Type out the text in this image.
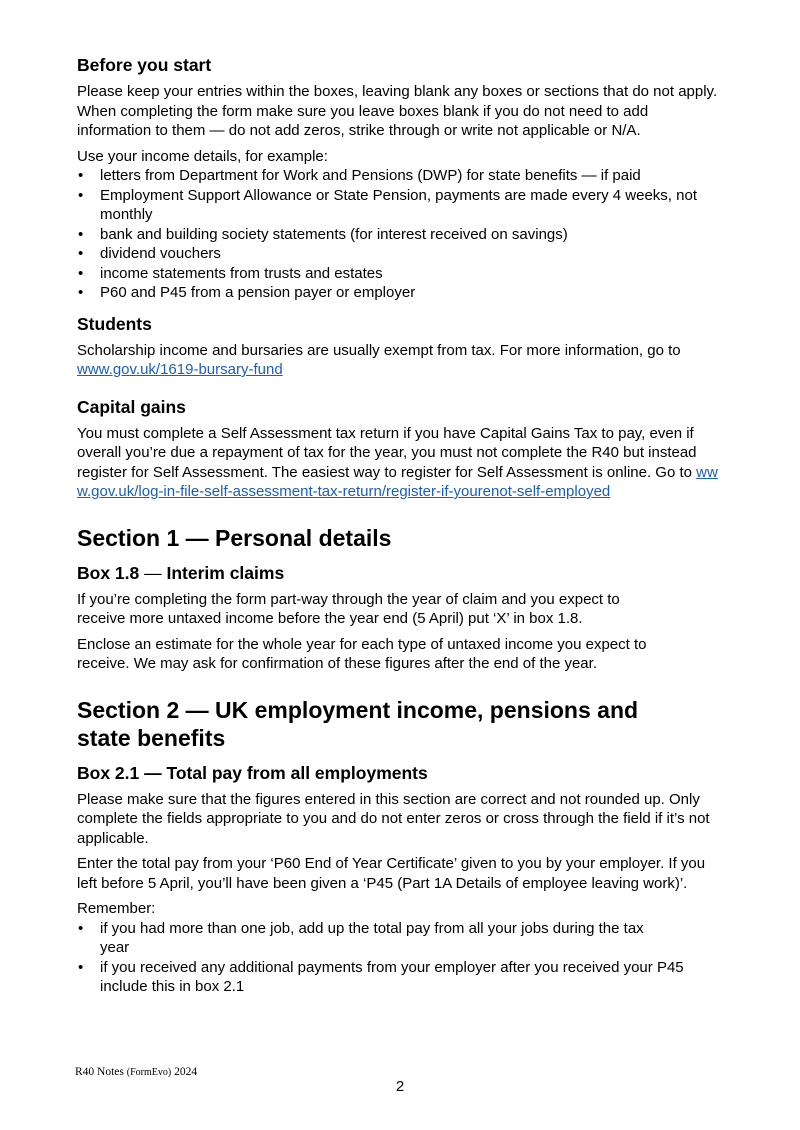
Before you start

Please keep your entries within the boxes, leaving blank any boxes or sections that do not apply. When completing the form make sure you leave boxes blank if you do not need to add information to them — do not add zeros, strike through or write not applicable or N/A.

Use your income details, for example:

• letters from Department for Work and Pensions (DWP) for state benefits — if paid
• Employment Support Allowance or State Pension, payments are made every 4 weeks, not monthly
• bank and building society statements (for interest received on savings)
• dividend vouchers
• income statements from trusts and estates
• P60 and P45 from a pension payer or employer
Students

Scholarship income and bursaries are usually exempt from tax. For more information, go to www.gov.uk/1619-bursary-fund

Capital gains

You must complete a Self Assessment tax return if you have Capital Gains Tax to pay, even if overall you’re due a repayment of tax for the year, you must not complete the R40 but instead register for Self Assessment. The easiest way to register for Self Assessment is online. Go to www.gov.uk/log-in-file-self-assessment-tax-return/register-if-yourenot-self-employed

Section 1 — Personal details
Box 1.8 — Interim claims

If you’re completing the form part-way through the year of claim and you expect to receive more untaxed income before the year end (5 April) put ‘X’ in box 1.8.

Enclose an estimate for the whole year for each type of untaxed income you expect to receive. We may ask for confirmation of these figures after the end of the year.

Section 2 — UK employment income, pensions and state benefits
Box 2.1 — Total pay from all employments

Please make sure that the figures entered in this section are correct and not rounded up. Only complete the fields appropriate to you and do not enter zeros or cross through the field if it’s not applicable.

Enter the total pay from your ‘P60 End of Year Certificate’ given to you by your employer. If you left before 5 April, you’ll have been given a ‘P45 (Part 1A Details of employee leaving work)’.

Remember:

• if you had more than one job, add up the total pay from all your jobs during the tax year
• if you received any additional payments from your employer after you received your P45 include this in box 2.1
R40 Notes (FormEvo) 2024
2
